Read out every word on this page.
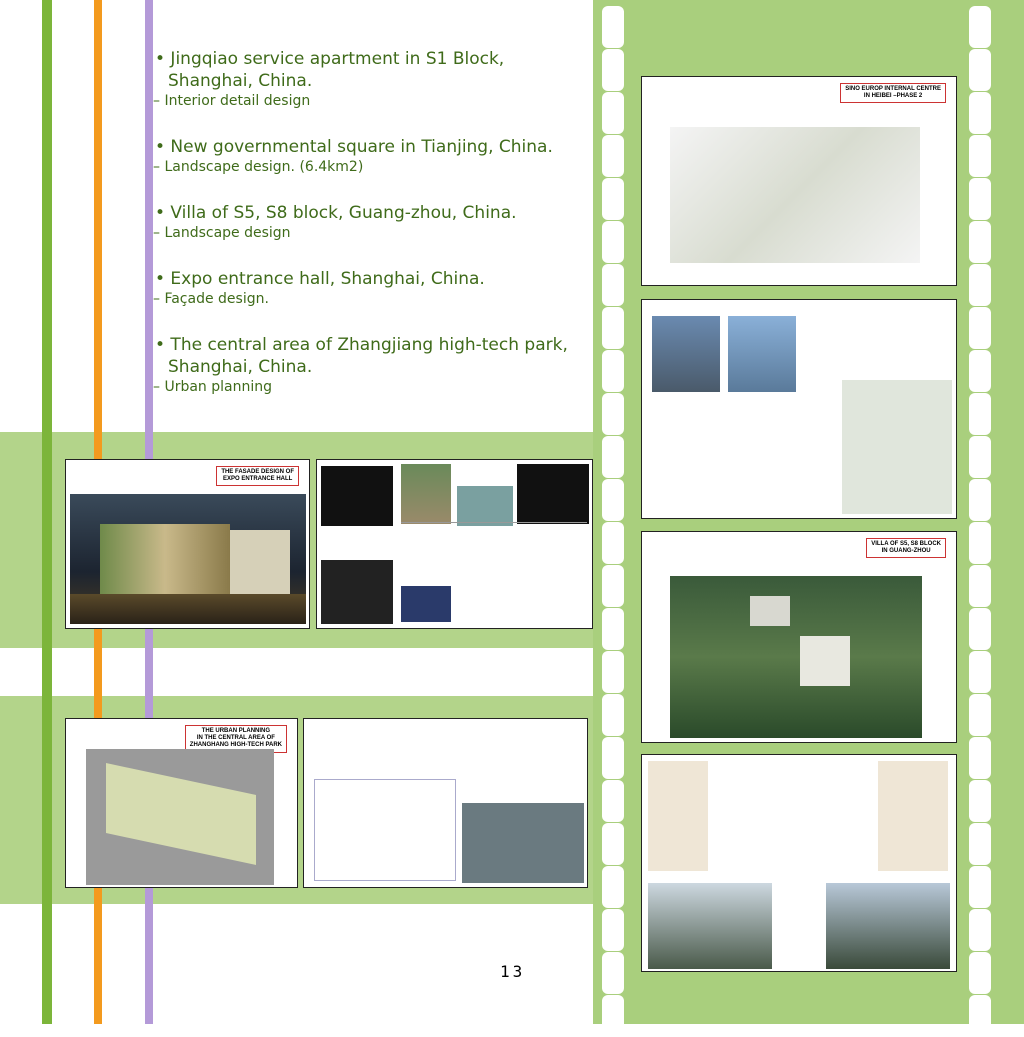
• Jingqiao service apartment in S1 Block,
Shanghai, China.
– Interior detail design
• New governmental square in Tianjing, China.
– Landscape design. (6.4km2)
• Villa of S5, S8 block, Guang-zhou, China.
– Landscape design
• Expo entrance hall, Shanghai, China.
– Façade design.
• The central area of Zhangjiang high-tech park,
Shanghai, China.
– Urban planning
THE FASADE DESIGN OF
EXPO ENTRANCE HALL
THE URBAN PLANNING
IN THE CENTRAL AREA OF
ZHANGHANG HIGH-TECH PARK
SINO EUROP INTERNAL CENTRE
IN HEIBEI –PHASE 2
VILLA OF S5, S8 BLOCK
IN GUANG-ZHOU
13
